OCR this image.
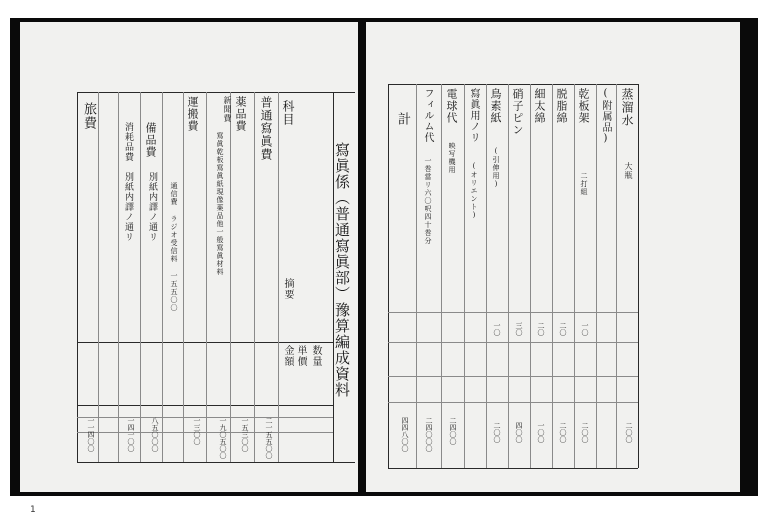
寫眞係（普通寫眞部）豫算編成資料
科目
摘要
数量
単價
金額
普通寫眞費
二一五五〇〇
薬品費
寫眞乾板寫眞紙現像薬品他一般寫眞材料
一五三〇〇
新聞費
一九〇五〇〇
運搬費
通信費 ラジオ受信料 一五五〇〇
一三〇〇
備品費
別紙内譯ノ通リ
八五〇〇〇
消耗品費
別紙内譯ノ通リ
一四一〇〇
旅費
一一四〇〇
蒸溜水
大瓶
二〇〇
(附属品)
乾板架
二打組
一〇
二〇〇
脱脂綿
二〇
二〇〇
細太綿
二〇
一〇〇
硝子ピン
三〇
四〇〇
鳥素紙
(引伸用)
一〇
二〇〇
寫眞用ノリ
(オリエント)
電球代
映写機用
二四〇〇
フィルム代
一巻當リ六〇呎四十巻分
二四〇〇〇
計
四四八〇〇
1
